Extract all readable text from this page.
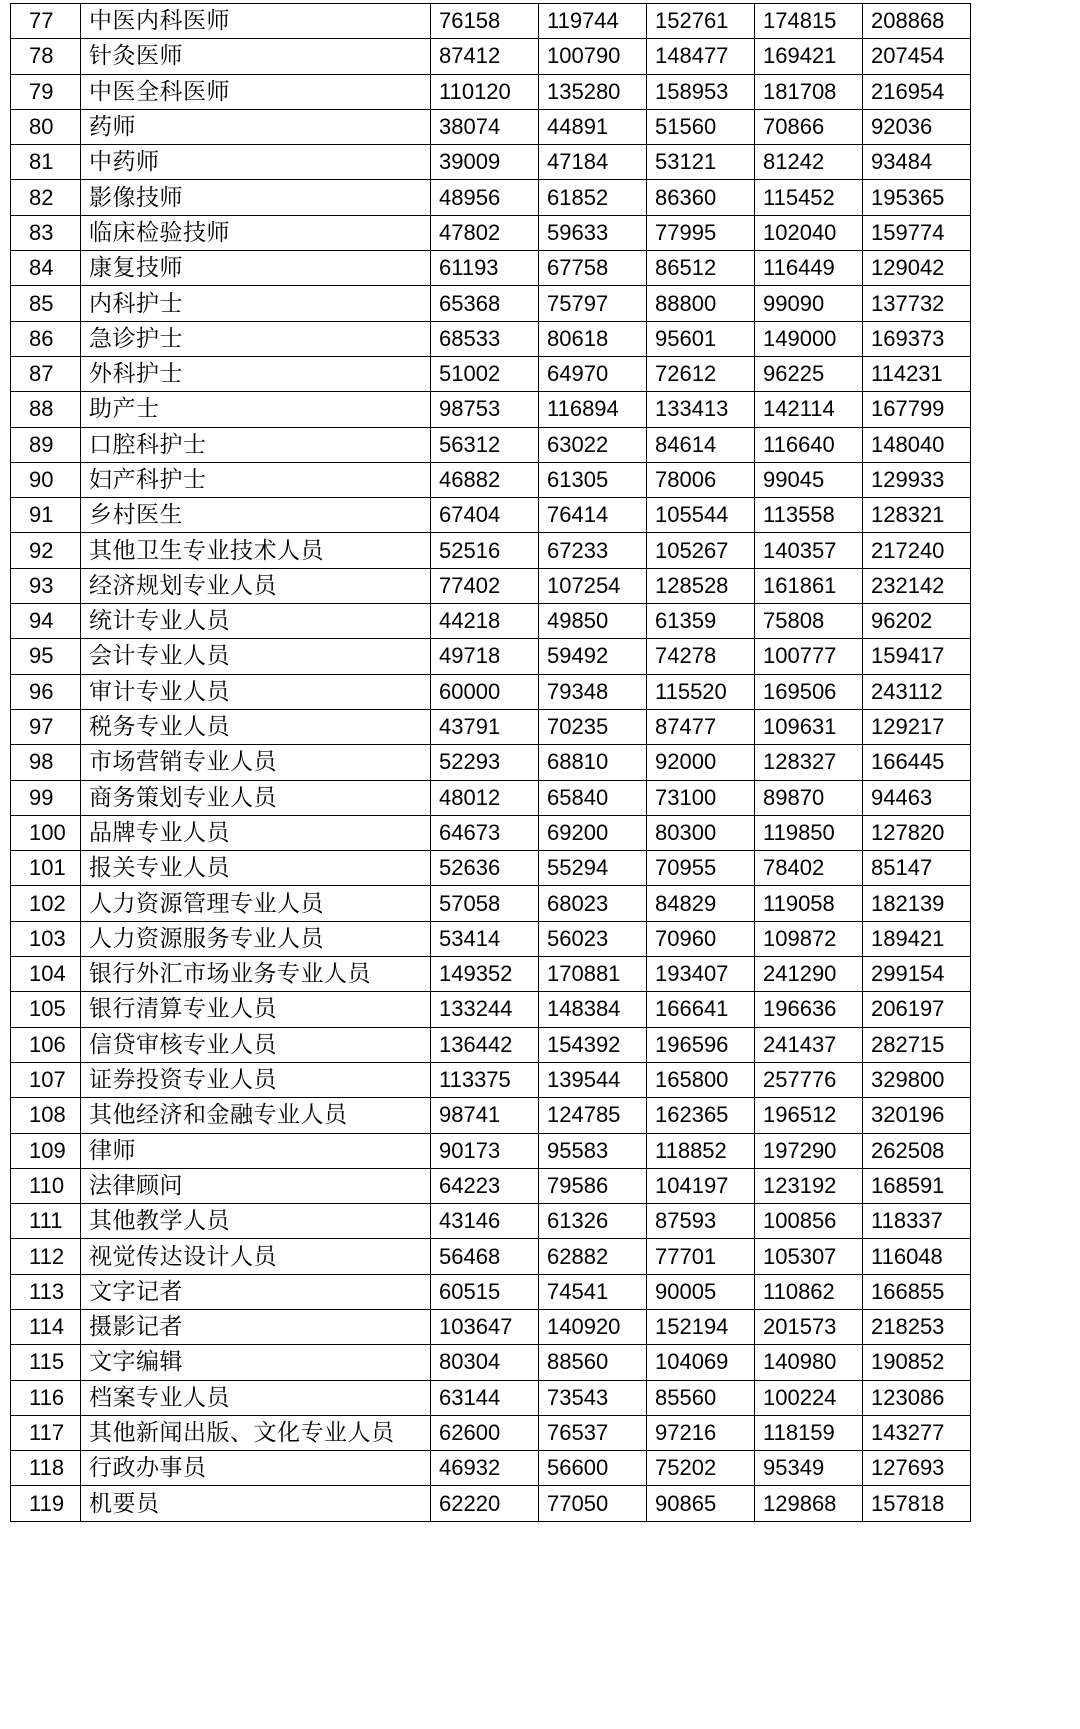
77	中医内科医师	76158	119744	152761	174815	208868
78	针灸医师	87412	100790	148477	169421	207454
79	中医全科医师	110120	135280	158953	181708	216954
80	药师	38074	44891	51560	70866	92036
81	中药师	39009	47184	53121	81242	93484
82	影像技师	48956	61852	86360	115452	195365
83	临床检验技师	47802	59633	77995	102040	159774
84	康复技师	61193	67758	86512	116449	129042
85	内科护士	65368	75797	88800	99090	137732
86	急诊护士	68533	80618	95601	149000	169373
87	外科护士	51002	64970	72612	96225	114231
88	助产士	98753	116894	133413	142114	167799
89	口腔科护士	56312	63022	84614	116640	148040
90	妇产科护士	46882	61305	78006	99045	129933
91	乡村医生	67404	76414	105544	113558	128321
92	其他卫生专业技术人员	52516	67233	105267	140357	217240
93	经济规划专业人员	77402	107254	128528	161861	232142
94	统计专业人员	44218	49850	61359	75808	96202
95	会计专业人员	49718	59492	74278	100777	159417
96	审计专业人员	60000	79348	115520	169506	243112
97	税务专业人员	43791	70235	87477	109631	129217
98	市场营销专业人员	52293	68810	92000	128327	166445
99	商务策划专业人员	48012	65840	73100	89870	94463
100	品牌专业人员	64673	69200	80300	119850	127820
101	报关专业人员	52636	55294	70955	78402	85147
102	人力资源管理专业人员	57058	68023	84829	119058	182139
103	人力资源服务专业人员	53414	56023	70960	109872	189421
104	银行外汇市场业务专业人员	149352	170881	193407	241290	299154
105	银行清算专业人员	133244	148384	166641	196636	206197
106	信贷审核专业人员	136442	154392	196596	241437	282715
107	证券投资专业人员	113375	139544	165800	257776	329800
108	其他经济和金融专业人员	98741	124785	162365	196512	320196
109	律师	90173	95583	118852	197290	262508
110	法律顾问	64223	79586	104197	123192	168591
111	其他教学人员	43146	61326	87593	100856	118337
112	视觉传达设计人员	56468	62882	77701	105307	116048
113	文字记者	60515	74541	90005	110862	166855
114	摄影记者	103647	140920	152194	201573	218253
115	文字编辑	80304	88560	104069	140980	190852
116	档案专业人员	63144	73543	85560	100224	123086
117	其他新闻出版、文化专业人员	62600	76537	97216	118159	143277
118	行政办事员	46932	56600	75202	95349	127693
119	机要员	62220	77050	90865	129868	157818
